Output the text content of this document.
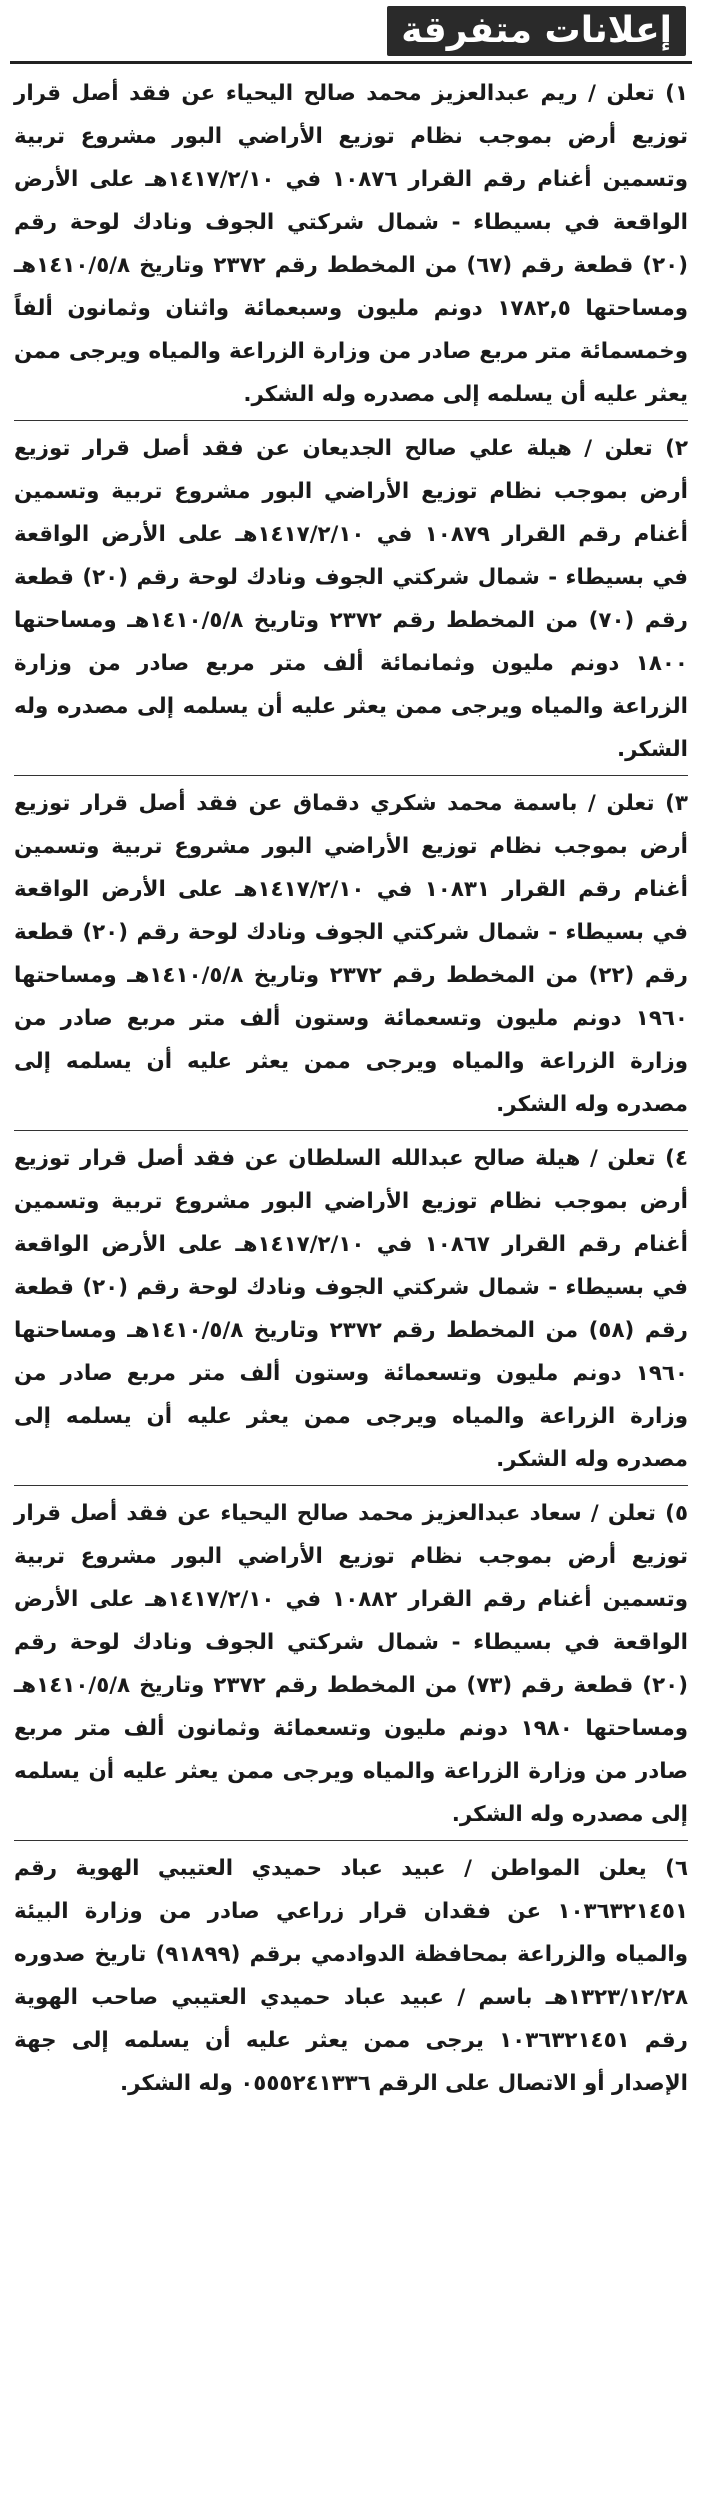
إعلانات متفرقة
١) تعلن / ريم عبدالعزيز محمد صالح اليحياء عن فقد أصل قرار توزيع أرض بموجب نظام توزيع الأراضي البور مشروع تربية وتسمين أغنام رقم القرار ١٠٨٧٦ في ١٤١٧/٢/١٠هـ على الأرض الواقعة في بسيطاء - شمال شركتي الجوف ونادك لوحة رقم (٢٠) قطعة رقم (٦٧) من المخطط رقم ٢٣٧٢ وتاريخ ١٤١٠/٥/٨هـ ومساحتها ١٧٨٢,٥ دونم مليون وسبعمائة واثنان وثمانون ألفاً وخمسمائة متر مربع صادر من وزارة الزراعة والمياه ويرجى ممن يعثر عليه أن يسلمه إلى مصدره وله الشكر.
٢) تعلن / هيلة علي صالح الجديعان عن فقد أصل قرار توزيع أرض بموجب نظام توزيع الأراضي البور مشروع تربية وتسمين أغنام رقم القرار ١٠٨٧٩ في ١٤١٧/٢/١٠هـ على الأرض الواقعة في بسيطاء - شمال شركتي الجوف ونادك لوحة رقم (٢٠) قطعة رقم (٧٠) من المخطط رقم ٢٣٧٢ وتاريخ ١٤١٠/٥/٨هـ ومساحتها ١٨٠٠ دونم مليون وثمانمائة ألف متر مربع صادر من وزارة الزراعة والمياه ويرجى ممن يعثر عليه أن يسلمه إلى مصدره وله الشكر.
٣) تعلن / باسمة محمد شكري دقماق عن فقد أصل قرار توزيع أرض بموجب نظام توزيع الأراضي البور مشروع تربية وتسمين أغنام رقم القرار ١٠٨٣١ في ١٤١٧/٢/١٠هـ على الأرض الواقعة في بسيطاء - شمال شركتي الجوف ونادك لوحة رقم (٢٠) قطعة رقم (٢٢) من المخطط رقم ٢٣٧٢ وتاريخ ١٤١٠/٥/٨هـ ومساحتها ١٩٦٠ دونم مليون وتسعمائة وستون ألف متر مربع صادر من وزارة الزراعة والمياه ويرجى ممن يعثر عليه أن يسلمه إلى مصدره وله الشكر.
٤) تعلن / هيلة صالح عبدالله السلطان عن فقد أصل قرار توزيع أرض بموجب نظام توزيع الأراضي البور مشروع تربية وتسمين أغنام رقم القرار ١٠٨٦٧ في ١٤١٧/٢/١٠هـ على الأرض الواقعة في بسيطاء - شمال شركتي الجوف ونادك لوحة رقم (٢٠) قطعة رقم (٥٨) من المخطط رقم ٢٣٧٢ وتاريخ ١٤١٠/٥/٨هـ ومساحتها ١٩٦٠ دونم مليون وتسعمائة وستون ألف متر مربع صادر من وزارة الزراعة والمياه ويرجى ممن يعثر عليه أن يسلمه إلى مصدره وله الشكر.
٥) تعلن / سعاد عبدالعزيز محمد صالح اليحياء عن فقد أصل قرار توزيع أرض بموجب نظام توزيع الأراضي البور مشروع تربية وتسمين أغنام رقم القرار ١٠٨٨٢ في ١٤١٧/٢/١٠هـ على الأرض الواقعة في بسيطاء - شمال شركتي الجوف ونادك لوحة رقم (٢٠) قطعة رقم (٧٣) من المخطط رقم ٢٣٧٢ وتاريخ ١٤١٠/٥/٨هـ ومساحتها ١٩٨٠ دونم مليون وتسعمائة وثمانون ألف متر مربع صادر من وزارة الزراعة والمياه ويرجى ممن يعثر عليه أن يسلمه إلى مصدره وله الشكر.
٦) يعلن المواطن / عبيد عباد حميدي العتيبي الهوية رقم ١٠٣٦٣٢١٤٥١ عن فقدان قرار زراعي صادر من وزارة البيئة والمياه والزراعة بمحافظة الدوادمي برقم (٩١٨٩٩) تاريخ صدوره ١٣٢٣/١٢/٢٨هـ باسم / عبيد عباد حميدي العتيبي صاحب الهوية رقم ١٠٣٦٣٢١٤٥١ يرجى ممن يعثر عليه أن يسلمه إلى جهة الإصدار أو الاتصال على الرقم ٠٥٥٥٢٤١٣٣٦ وله الشكر.
